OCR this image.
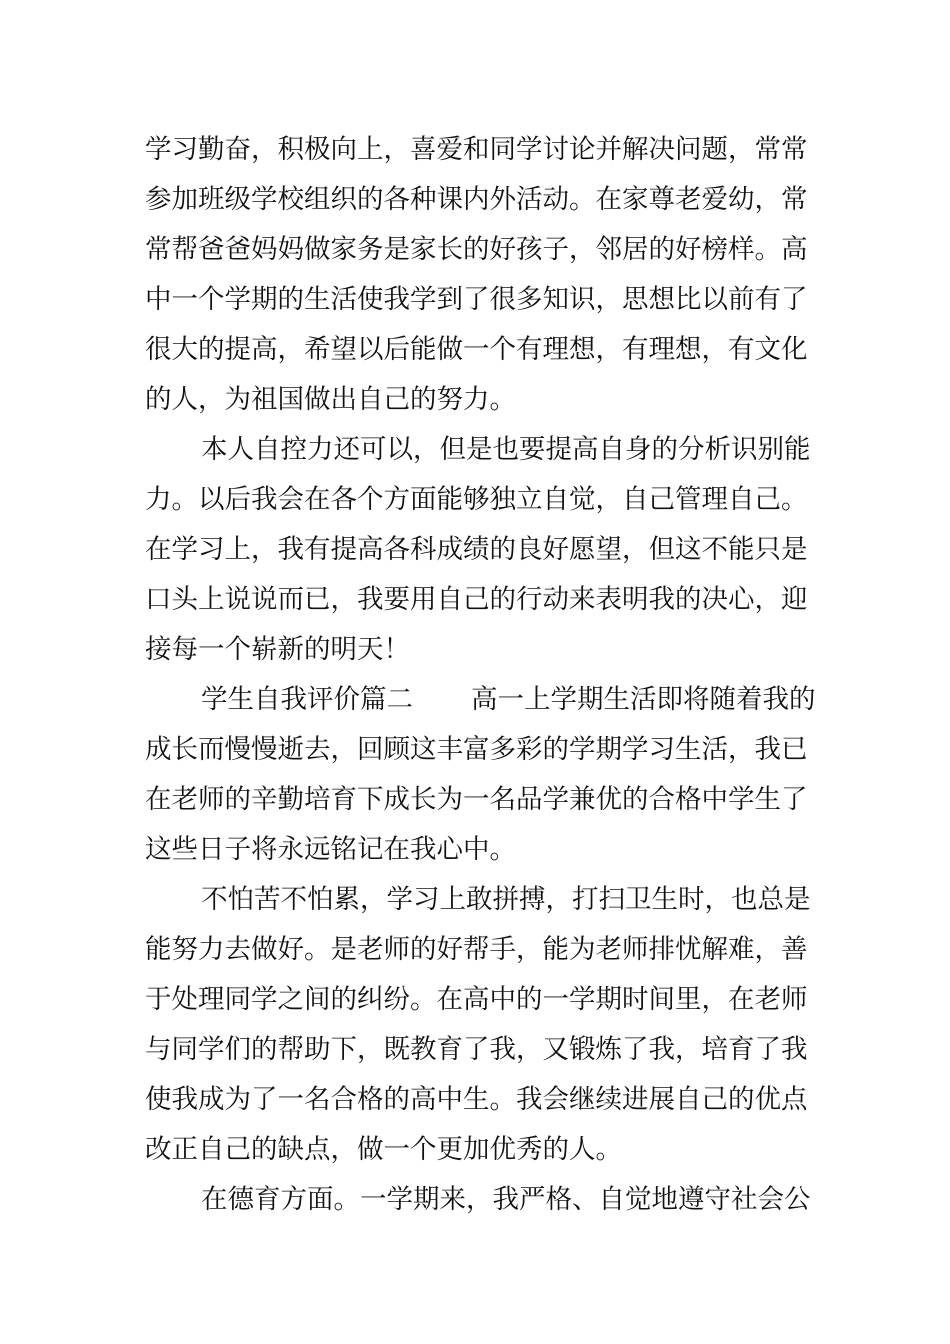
学习勤奋，积极向上，喜爱和同学讨论并解决问题，常常
参加班级学校组织的各种课内外活动。在家尊老爱幼，常
常帮爸爸妈妈做家务是家长的好孩子，邻居的好榜样。高
中一个学期的生活使我学到了很多知识，思想比以前有了
很大的提高，希望以后能做一个有理想，有理想，有文化
的人，为祖国做出自己的努力。
本人自控力还可以，但是也要提高自身的分析识别能
力。以后我会在各个方面能够独立自觉，自己管理自己。
在学习上，我有提高各科成绩的良好愿望，但这不能只是
口头上说说而已，我要用自己的行动来表明我的决心，迎
接每一个崭新的明天！
学生自我评价篇二 高一上学期生活即将随着我的
成长而慢慢逝去，回顾这丰富多彩的学期学习生活，我已
在老师的辛勤培育下成长为一名品学兼优的合格中学生了
这些日子将永远铭记在我心中。
不怕苦不怕累，学习上敢拼搏，打扫卫生时，也总是
能努力去做好。是老师的好帮手，能为老师排忧解难，善
于处理同学之间的纠纷。在高中的一学期时间里，在老师
与同学们的帮助下，既教育了我，又锻炼了我，培育了我
使我成为了一名合格的高中生。我会继续进展自己的优点
改正自己的缺点，做一个更加优秀的人。
在德育方面。一学期来，我严格、自觉地遵守社会公
